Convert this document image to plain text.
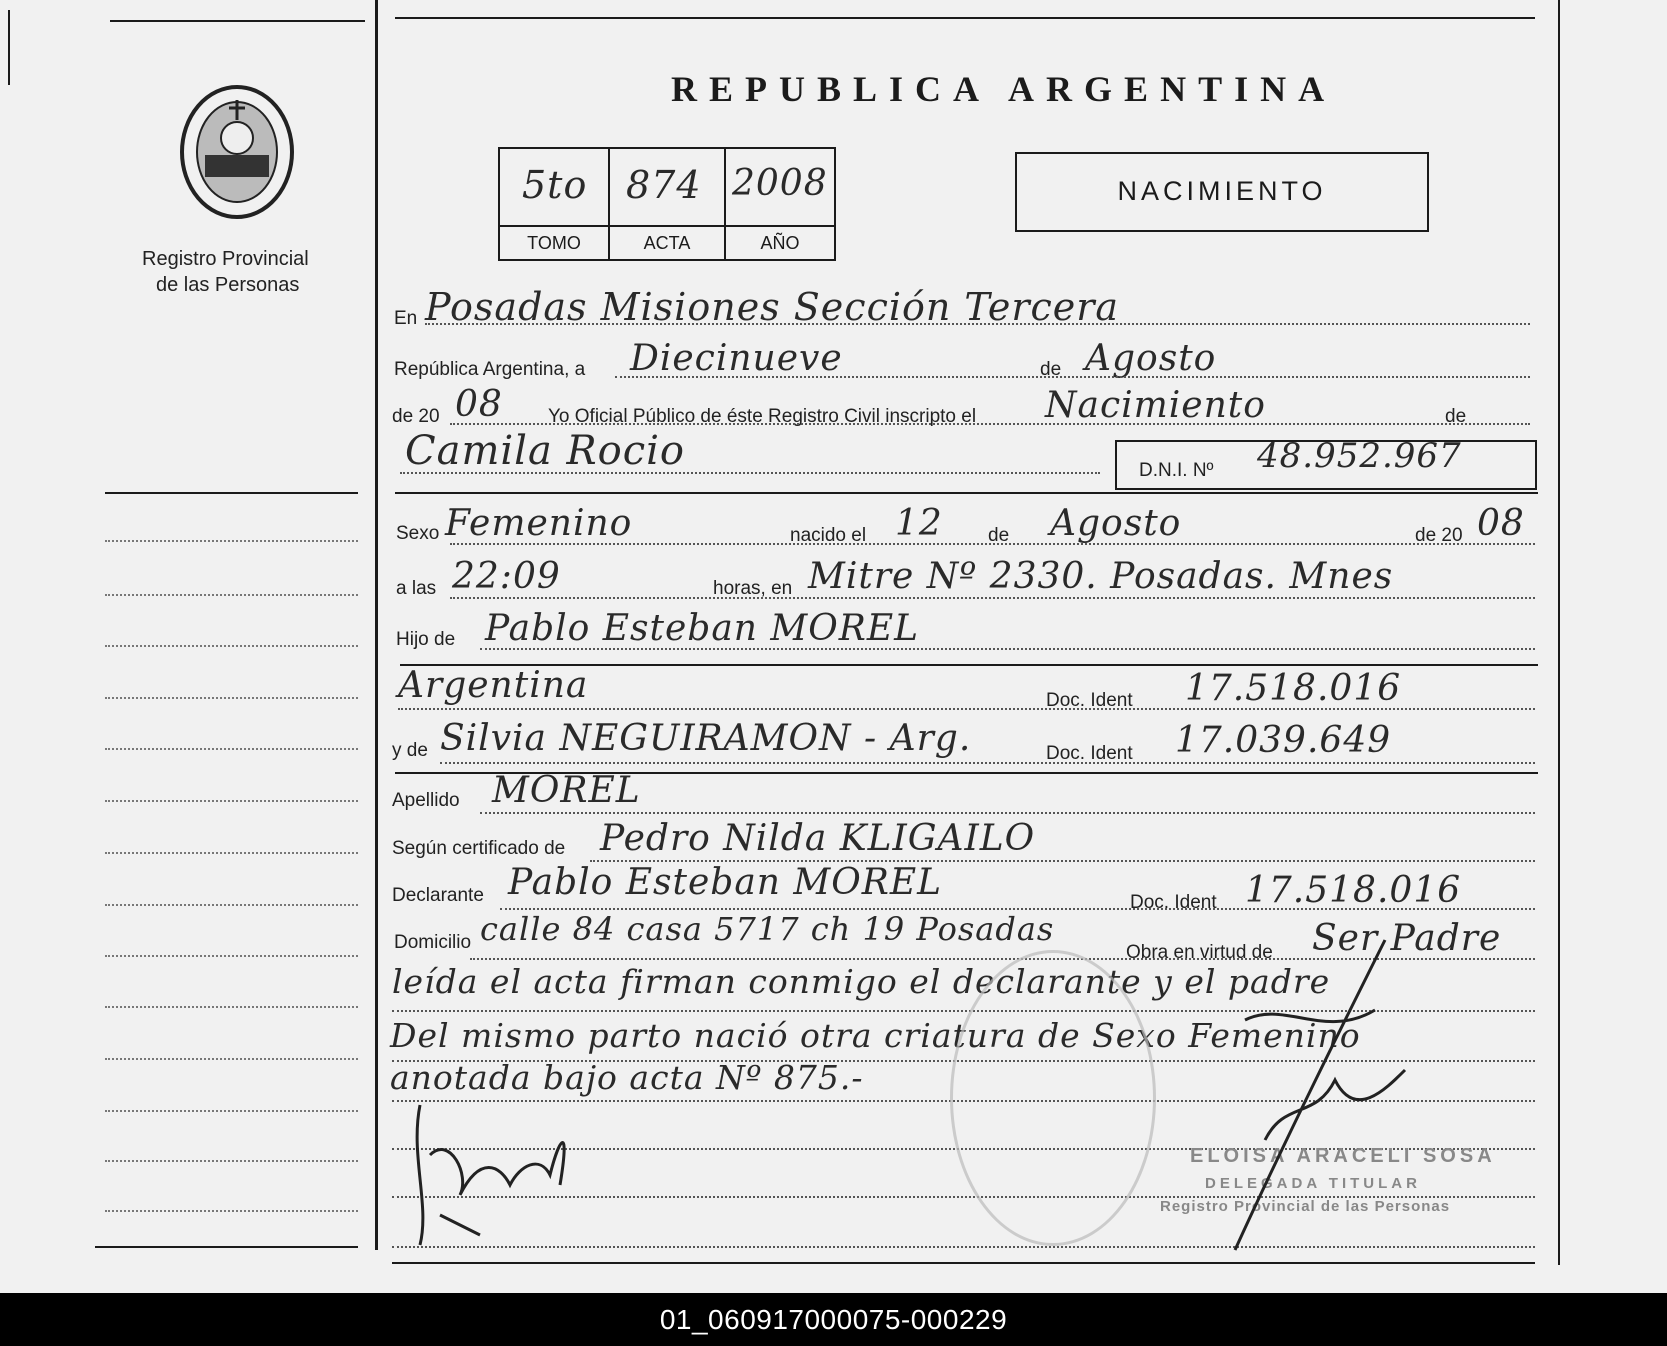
Registro Provincial
de las Personas
REPUBLICA ARGENTINA
5to 874 2008
TOMO	ACTA	AÑO
NACIMIENTO
En Posadas Misiones Sección Tercera
República Argentina, a Diecinueve	de Agosto
de 20 08 Yo Oficial Público de éste Registro Civil inscripto el Nacimiento	de
Camila Rocio	D.N.I. Nº 48.952.967
Sexo Femenino	nacido el 12 de Agosto	de 20 08
a las 22:09	horas, en Mitre Nº 2330. Posadas. Mnes
Hijo de Pablo Esteban MOREL
Argentina	Doc. Ident 17.518.016
y de Silvia NEGUIRAMON - Arg.	Doc. Ident 17.039.649
Apellido MOREL
Según certificado de Pedro Nilda KLIGAILO
Declarante Pablo Esteban MOREL	Doc. Ident 17.518.016
Domicilio calle 84 casa 5717 ch 19 Posadas
Obra en virtud de Ser Padre
leída el acta firman conmigo el declarante y el padre
Del mismo parto nació otra criatura de Sexo Femenino
anotada bajo acta Nº 875.-
ELOISA ARACELI SOSA
DELEGADA TITULAR
Registro Provincial de las Personas
01_060917000075-000229
